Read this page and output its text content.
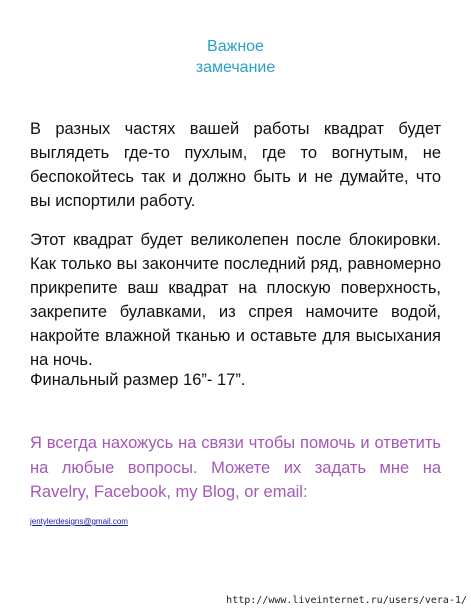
Важное
замечание
В разных частях вашей работы квадрат будет выглядеть где-то пухлым, где то вогнутым, не беспокойтесь так и должно быть и не думайте, что вы испортили работу.
Этот квадрат будет великолепен после блокировки. Как только вы закончите последний ряд, равномерно прикрепите ваш квадрат на плоскую поверхность, закрепите булавками, из спрея намочите водой, накройте влажной тканью и оставьте для высыхания на ночь.
Финальный размер 16”- 17”.
Я всегда нахожусь на связи чтобы помочь и ответить на любые вопросы. Можете их задать мне на Ravelry, Facebook, my Blog, or email:
jentylerdesigns@gmail.com
http://www.liveinternet.ru/users/vera-1/
